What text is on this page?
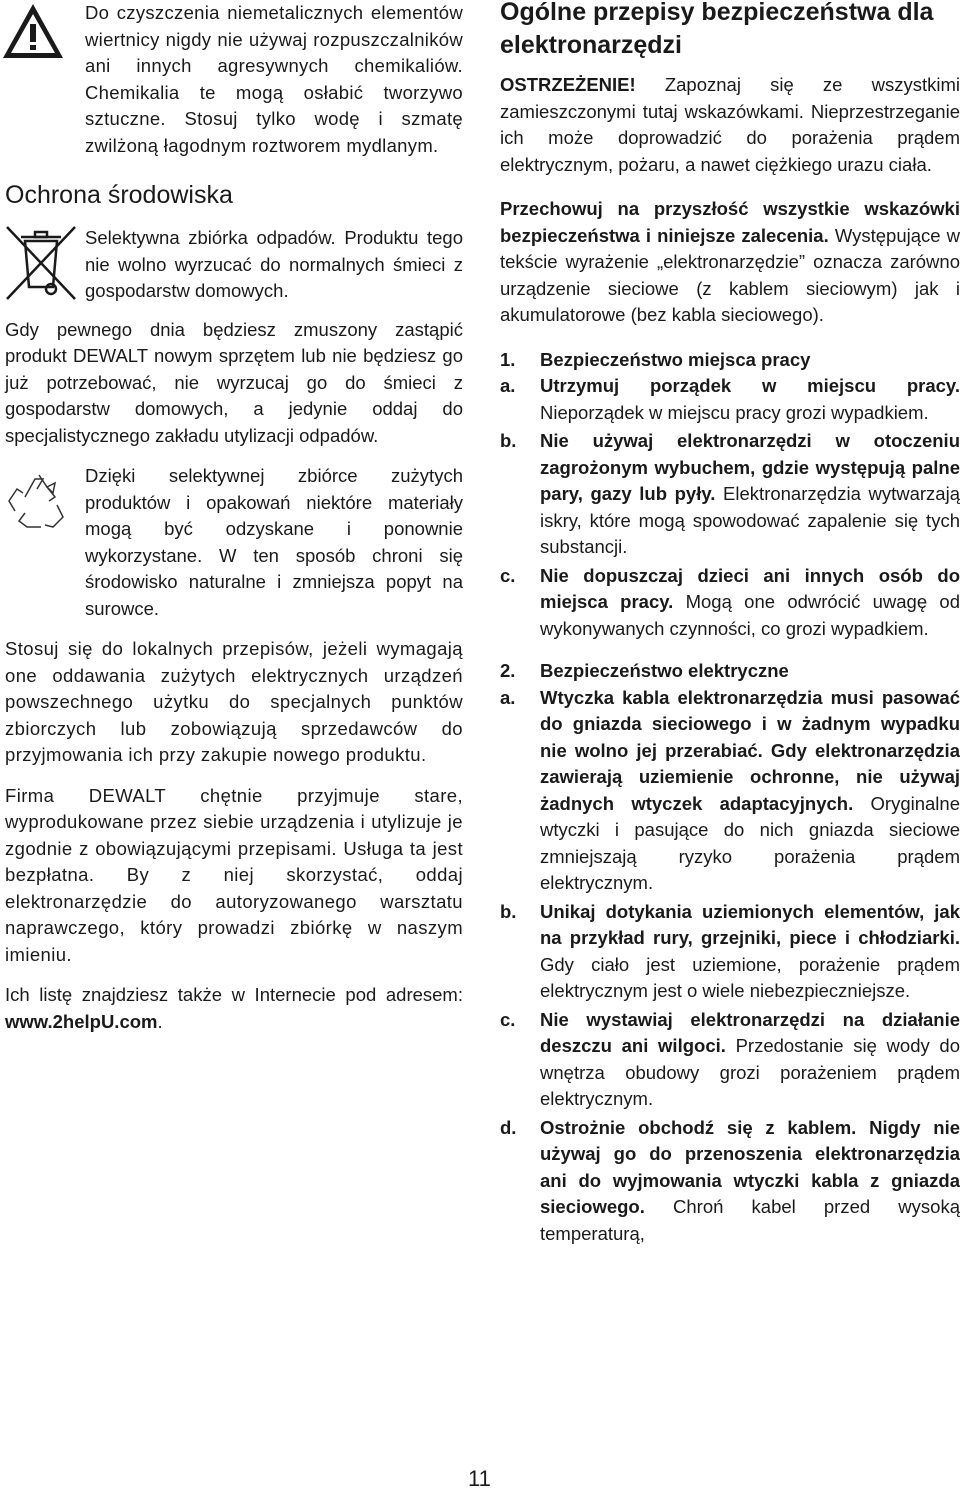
Do czyszczenia niemetalicznych elementów wiertnicy nigdy nie używaj rozpuszczalników ani innych agresywnych chemikaliów. Chemikalia te mogą osłabić tworzywo sztuczne. Stosuj tylko wodę i szmatę zwilżoną łagodnym roztworem mydlanym.

Ochrona środowiska

Selektywna zbiórka odpadów. Produktu tego nie wolno wyrzucać do normalnych śmieci z gospodarstw domowych.

Gdy pewnego dnia będziesz zmuszony zastąpić produkt DEWALT nowym sprzętem lub nie będziesz go już potrzebować, nie wyrzucaj go do śmieci z gospodarstw domowych, a jedynie oddaj do specjalistycznego zakładu utylizacji odpadów.

Dzięki selektywnej zbiórce zużytych produktów i opakowań niektóre materiały mogą być odzyskane i ponownie wykorzystane. W ten sposób chroni się środowisko naturalne i zmniejsza popyt na surowce.

Stosuj się do lokalnych przepisów, jeżeli wymagają one oddawania zużytych elektrycznych urządzeń powszechnego użytku do specjalnych punktów zbiorczych lub zobowiązują sprzedawców do przyjmowania ich przy zakupie nowego produktu.

Firma DEWALT chętnie przyjmuje stare, wyprodukowane przez siebie urządzenia i utylizuje je zgodnie z obowiązującymi przepisami. Usługa ta jest bezpłatna. By z niej skorzystać, oddaj elektronarzędzie do autoryzowanego warsztatu naprawczego, który prowadzi zbiórkę w naszym imieniu.

Ich listę znajdziesz także w Internecie pod adresem: www.2helpU.com.

Ogólne przepisy bezpieczeństwa dla elektronarzędzi

OSTRZEŻENIE! Zapoznaj się ze wszystkimi zamieszczonymi tutaj wskazówkami. Nieprzestrzeganie ich może doprowadzić do porażenia prądem elektrycznym, pożaru, a nawet ciężkiego urazu ciała.

Przechowuj na przyszłość wszystkie wskazówki bezpieczeństwa i niniejsze zalecenia. Występujące w tekście wyrażenie „elektronarzędzie” oznacza zarówno urządzenie sieciowe (z kablem sieciowym) jak i akumulatorowe (bez kabla sieciowego).

1. Bezpieczeństwo miejsca pracy

a. Utrzymuj porządek w miejscu pracy. Nieporządek w miejscu pracy grozi wypadkiem.

b. Nie używaj elektronarzędzi w otoczeniu zagrożonym wybuchem, gdzie występują palne pary, gazy lub pyły. Elektronarzędzia wytwarzają iskry, które mogą spowodować zapalenie się tych substancji.

c. Nie dopuszczaj dzieci ani innych osób do miejsca pracy. Mogą one odwrócić uwagę od wykonywanych czynności, co grozi wypadkiem.

2. Bezpieczeństwo elektryczne

a. Wtyczka kabla elektronarzędzia musi pasować do gniazda sieciowego i w żadnym wypadku nie wolno jej przerabiać. Gdy elektronarzędzia zawierają uziemienie ochronne, nie używaj żadnych wtyczek adaptacyjnych. Oryginalne wtyczki i pasujące do nich gniazda sieciowe zmniejszają ryzyko porażenia prądem elektrycznym.

b. Unikaj dotykania uziemionych elementów, jak na przykład rury, grzejniki, piece i chłodziarki. Gdy ciało jest uziemione, porażenie prądem elektrycznym jest o wiele niebezpieczniejsze.

c. Nie wystawiaj elektronarzędzi na działanie deszczu ani wilgoci. Przedostanie się wody do wnętrza obudowy grozi porażeniem prądem elektrycznym.

d. Ostrożnie obchodź się z kablem. Nigdy nie używaj go do przenoszenia elektronarzędzia ani do wyjmowania wtyczki kabla z gniazda sieciowego. Chroń kabel przed wysoką temperaturą,

11
